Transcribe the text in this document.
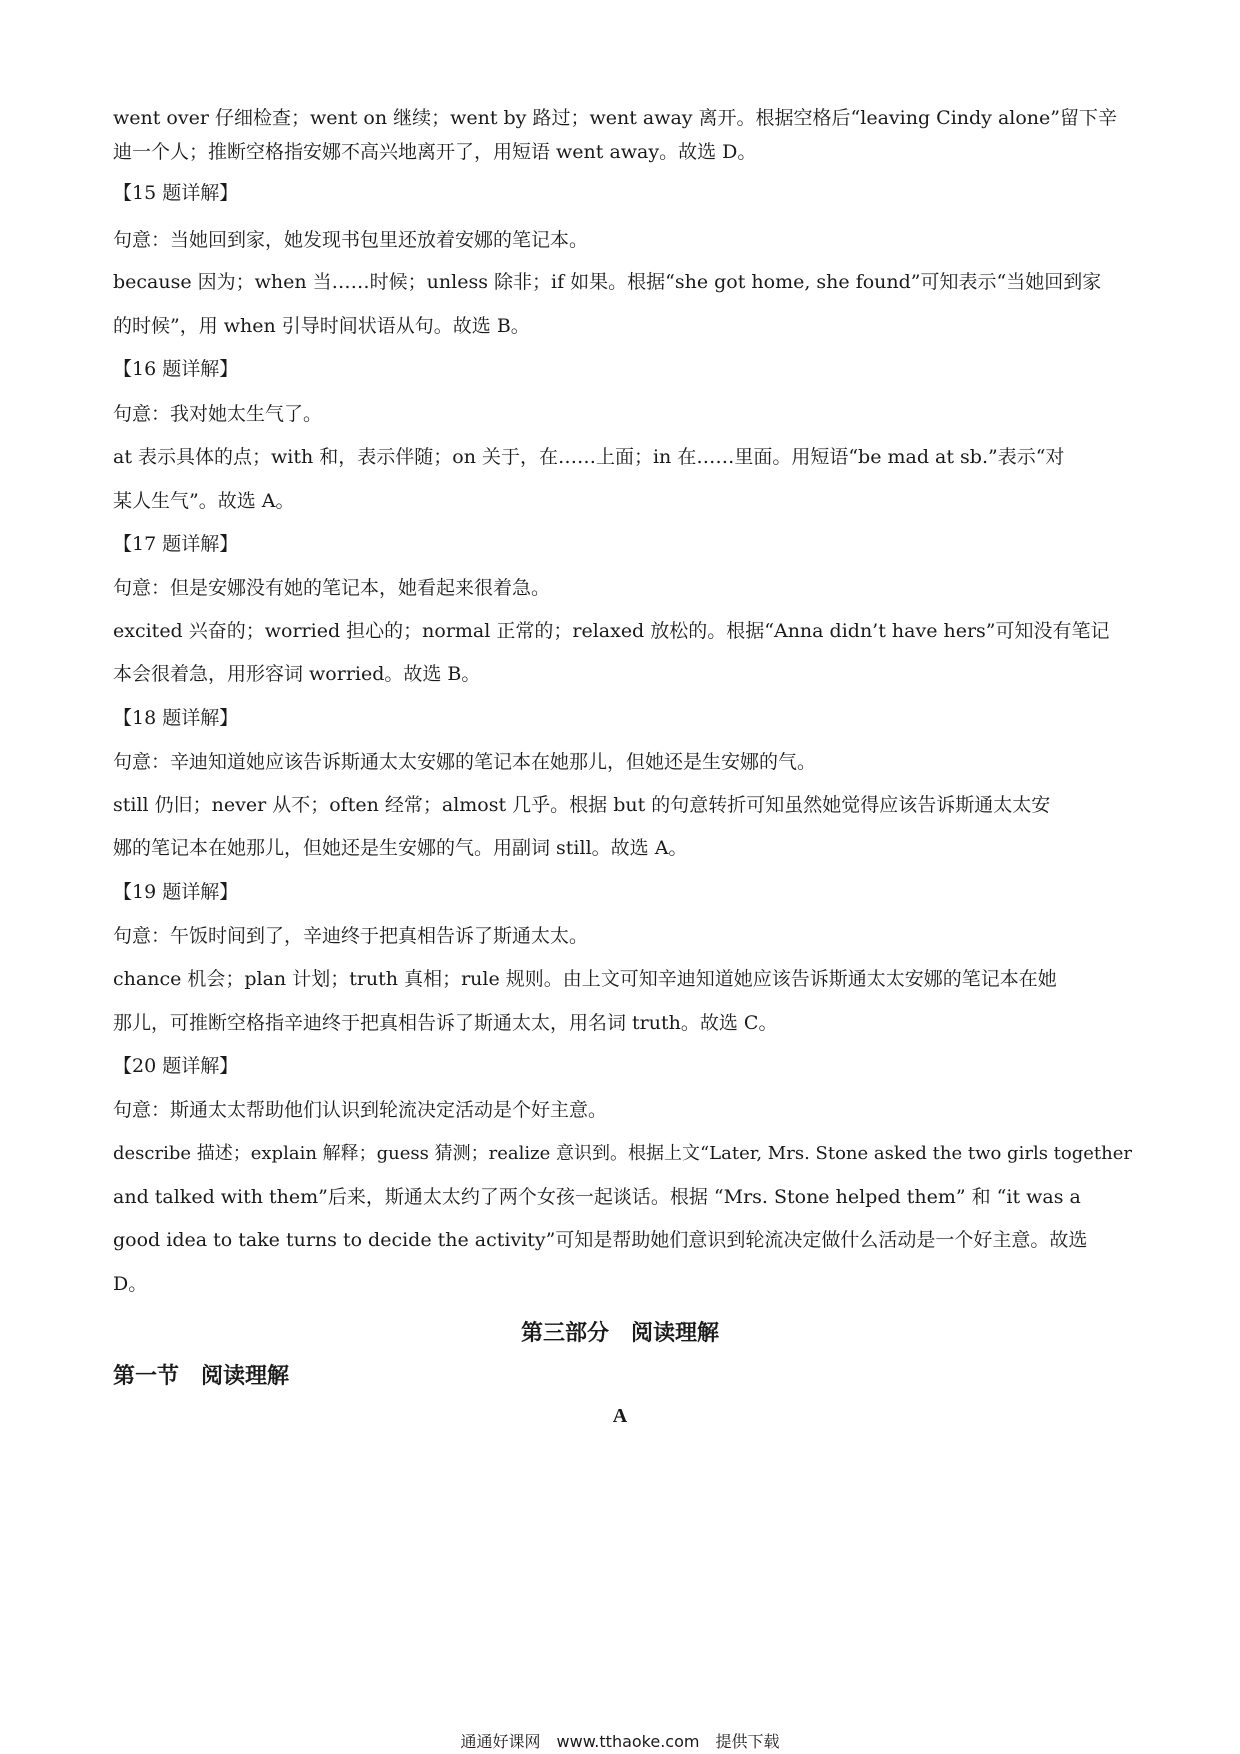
went over 仔细检查；went on 继续；went by 路过；went away 离开。根据空格后“leaving Cindy alone”留下辛
迪一个人；推断空格指安娜不高兴地离开了，用短语 went away。故选 D。
【15 题详解】
句意：当她回到家，她发现书包里还放着安娜的笔记本。
because 因为；when 当……时候；unless 除非；if 如果。根据“she got home, she found”可知表示“当她回到家
的时候”，用 when 引导时间状语从句。故选 B。
【16 题详解】
句意：我对她太生气了。
at 表示具体的点；with 和，表示伴随；on 关于，在……上面；in 在……里面。用短语“be mad at sb.”表示“对
某人生气”。故选 A。
【17 题详解】
句意：但是安娜没有她的笔记本，她看起来很着急。
excited 兴奋的；worried 担心的；normal 正常的；relaxed 放松的。根据“Anna didn’t have hers”可知没有笔记
本会很着急，用形容词 worried。故选 B。
【18 题详解】
句意：辛迪知道她应该告诉斯通太太安娜的笔记本在她那儿，但她还是生安娜的气。
still 仍旧；never 从不；often 经常；almost 几乎。根据 but 的句意转折可知虽然她觉得应该告诉斯通太太安
娜的笔记本在她那儿，但她还是生安娜的气。用副词 still。故选 A。
【19 题详解】
句意：午饭时间到了，辛迪终于把真相告诉了斯通太太。
chance 机会；plan 计划；truth 真相；rule 规则。由上文可知辛迪知道她应该告诉斯通太太安娜的笔记本在她
那儿，可推断空格指辛迪终于把真相告诉了斯通太太，用名词 truth。故选 C。
【20 题详解】
句意：斯通太太帮助他们认识到轮流决定活动是个好主意。
describe 描述；explain 解释；guess 猜测；realize 意识到。根据上文“Later, Mrs. Stone asked the two girls together
and talked with them”后来，斯通太太约了两个女孩一起谈话。根据 “Mrs. Stone helped them” 和 “it was a
good idea to take turns to decide the activity”可知是帮助她们意识到轮流决定做什么活动是一个好主意。故选
D。
第三部分　阅读理解
第一节　阅读理解
A
通通好课网　www.tthaoke.com　提供下载
